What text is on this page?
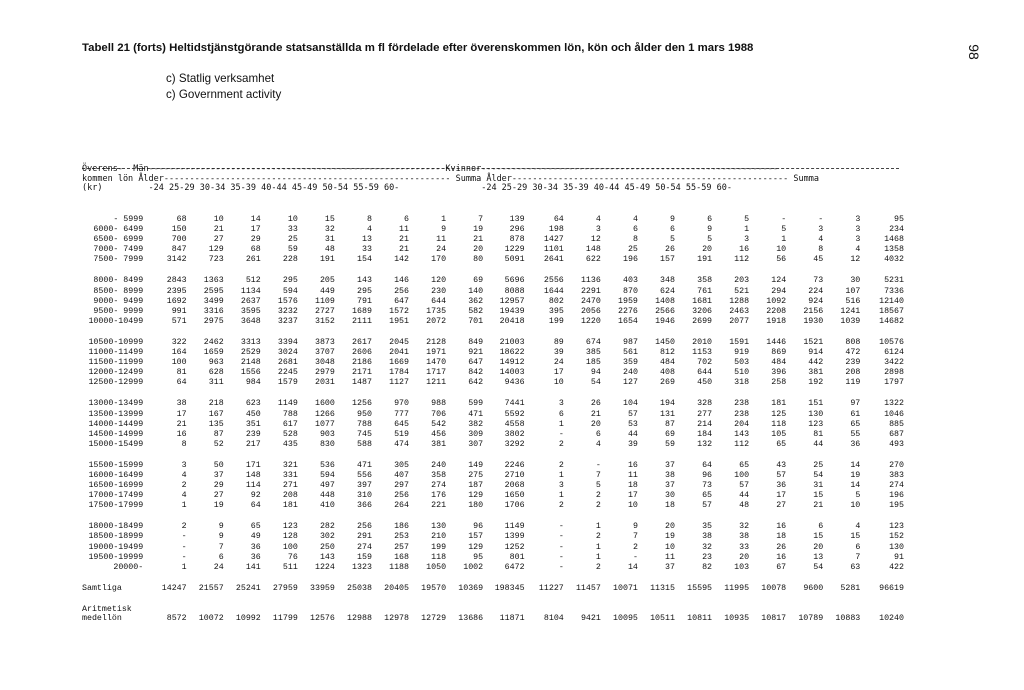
Tabell 21 (forts) Heltidstjänstgörande statsanställda m fl fördelade efter överenskommen lön, kön och ålder den 1 mars 1988	98
c) Statlig verksamhet
c) Government activity
Överens- Män--------------------------------------------------------- Kvinnor----------------------------------------------------------
kommen lön Ålder-------------------------------------------------------- Summa Ålder------------------------------------------------------ Summa
(kr)	-24 25-29 30-34 35-39 40-44 45-49 50-54 55-59 60-	-24 25-29 30-34 35-39 40-44 45-49 50-54 55-59 60-
- 5999	68	10	14	10	15	8	6	1	7	139	64	4	4	9	6	5	-	-	3	95
6000- 6499	150	21	17	33	32	4	11	9	19	296	198	3	6	6	9	1	5	3	3	234
6500- 6999	700	27	29	25	31	13	21	11	21	878	1427	12	8	5	5	3	1	4	3	1468
7000- 7499	847	129	68	59	48	33	21	24	20	1229	1101	148	25	26	20	16	10	8	4	1358
7500- 7999	3142	723	261	228	191	154	142	170	80	5091	2641	622	196	157	191	112	56	45	12	4032

8000- 8499	2843	1363	512	295	205	143	146	120	69	5696	2556	1136	403	348	358	203	124	73	30	5231
8500- 8999	2395	2595	1134	594	449	295	256	230	140	8088	1644	2291	870	624	761	521	294	224	107	7336
9000- 9499	1692	3499	2637	1576	1109	791	647	644	362	12957	802	2470	1959	1408	1681	1288	1092	924	516	12140
9500- 9999	991	3316	3595	3232	2727	1689	1572	1735	582	19439	395	2056	2276	2566	3206	2463	2208	2156	1241	18567
10000-10499	571	2975	3648	3237	3152	2111	1951	2072	701	20418	199	1220	1654	1946	2699	2077	1918	1930	1039	14682

10500-10999	322	2462	3313	3394	3873	2617	2045	2128	849	21003	89	674	987	1450	2010	1591	1446	1521	808	10576
11000-11499	164	1659	2529	3024	3707	2606	2041	1971	921	18622	39	385	561	812	1153	919	869	914	472	6124
11500-11999	100	963	2148	2681	3048	2186	1669	1470	647	14912	24	185	359	484	702	503	484	442	239	3422
12000-12499	81	628	1556	2245	2979	2171	1784	1717	842	14003	17	94	240	408	644	510	396	381	208	2898
12500-12999	64	311	984	1579	2031	1487	1127	1211	642	9436	10	54	127	269	450	318	258	192	119	1797

13000-13499	38	218	623	1149	1600	1256	970	988	599	7441	3	26	104	194	328	238	181	151	97	1322
13500-13999	17	167	450	788	1266	950	777	706	471	5592	6	21	57	131	277	238	125	130	61	1046
14000-14499	21	135	351	617	1077	788	645	542	382	4558	1	20	53	87	214	204	118	123	65	885
14500-14999	16	87	239	528	903	745	519	456	309	3802	-	6	44	69	184	143	105	81	55	687
15000-15499	8	52	217	435	830	588	474	381	307	3292	2	4	39	59	132	112	65	44	36	493

15500-15999	3	50	171	321	536	471	305	240	149	2246	2	-	16	37	64	65	43	25	14	270
16000-16499	4	37	148	331	594	556	407	358	275	2710	1	7	11	38	96	100	57	54	19	383
16500-16999	2	29	114	271	497	397	297	274	187	2068	3	5	18	37	73	57	36	31	14	274
17000-17499	4	27	92	208	448	310	256	176	129	1650	1	2	17	30	65	44	17	15	5	196
17500-17999	1	19	64	181	410	366	264	221	180	1706	2	2	10	18	57	48	27	21	10	195

18000-18499	2	9	65	123	282	256	186	130	96	1149	-	1	9	20	35	32	16	6	4	123
18500-18999	-	9	49	128	302	291	253	210	157	1399	-	2	7	19	38	38	18	15	15	152
19000-19499	-	7	36	100	250	274	257	199	129	1252	-	1	2	10	32	33	26	20	6	130
19500-19999	-	6	36	76	143	159	168	118	95	801	-	1	-	11	23	20	16	13	7	91
20000-	1	24	141	511	1224	1323	1188	1050	1002	6472	-	2	14	37	82	103	67	54	63	422

Samtliga	14247	21557	25241	27959	33959	25038	20405	19570	10369	198345	11227	11457	10071	11315	15595	11995	10078	9600	5281	96619

Aritmetisk																				
medellön	8572	10072	10992	11799	12576	12988	12978	12729	13686	11871	8104	9421	10095	10511	10811	10935	10817	10789	10883	10240
